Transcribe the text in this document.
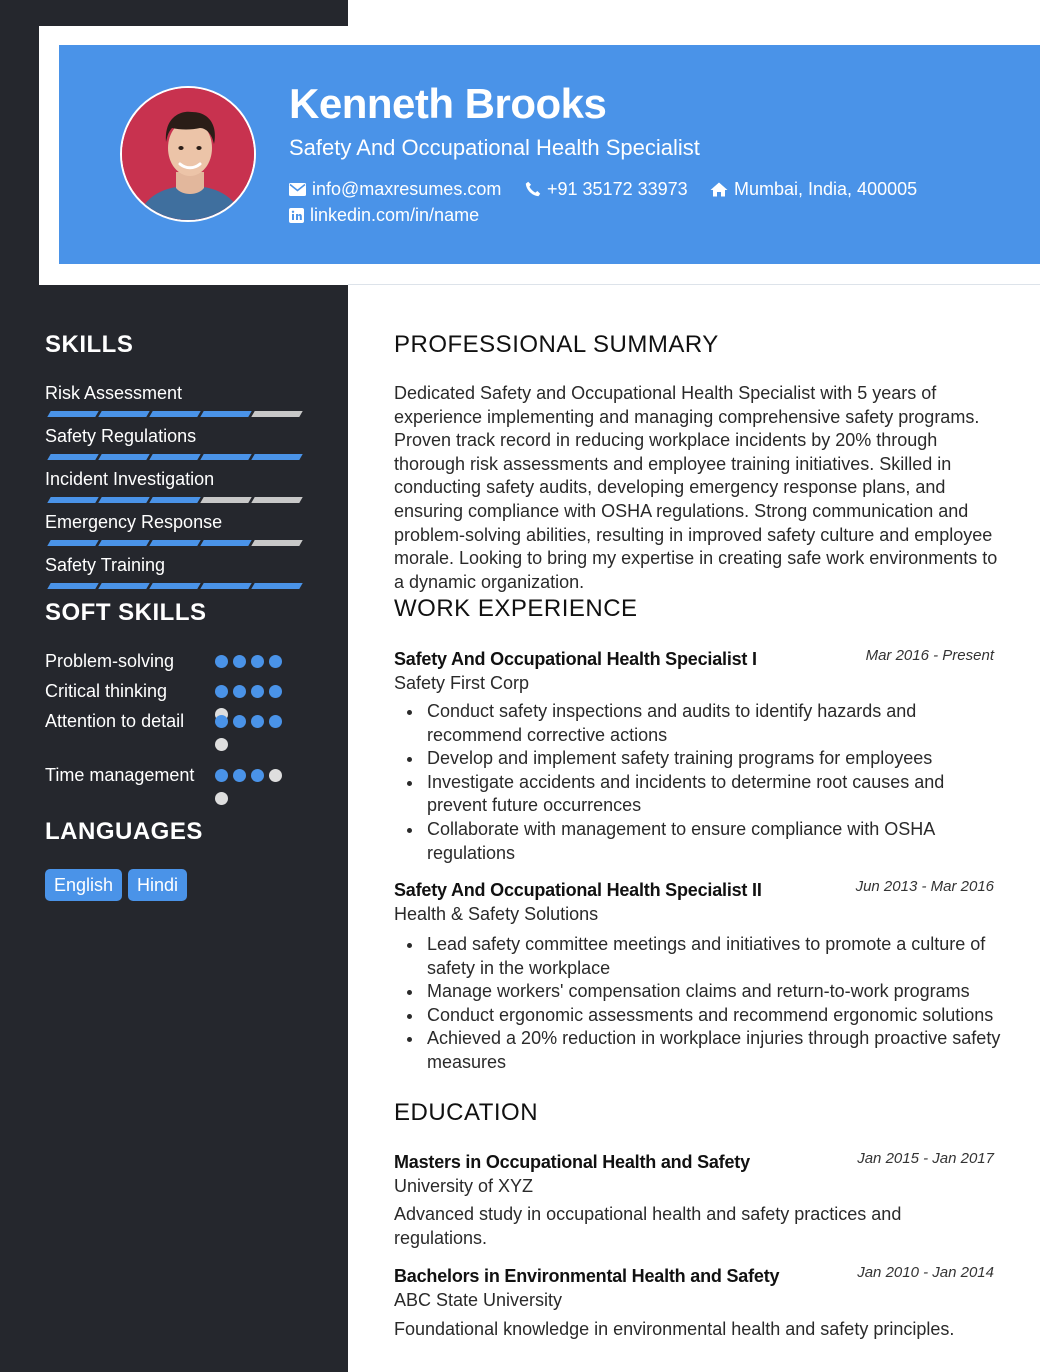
Kenneth Brooks
Safety And Occupational Health Specialist
info@maxresumes.com	+91 35172 33973	Mumbai, India, 400005
linkedin.com/in/name
SKILLS
Risk Assessment
Safety Regulations
Incident Investigation
Emergency Response
Safety Training
SOFT SKILLS
Problem-solving
Critical thinking
Attention to detail
Time management
LANGUAGES
English	Hindi
PROFESSIONAL SUMMARY
Dedicated Safety and Occupational Health Specialist with 5 years of experience implementing and managing comprehensive safety programs. Proven track record in reducing workplace incidents by 20% through thorough risk assessments and employee training initiatives. Skilled in conducting safety audits, developing emergency response plans, and ensuring compliance with OSHA regulations. Strong communication and problem-solving abilities, resulting in improved safety culture and employee morale. Looking to bring my expertise in creating safe work environments to a dynamic organization.
WORK EXPERIENCE
Safety And Occupational Health Specialist I	Mar 2016 - Present
Safety First Corp
Conduct safety inspections and audits to identify hazards and recommend corrective actions
Develop and implement safety training programs for employees
Investigate accidents and incidents to determine root causes and prevent future occurrences
Collaborate with management to ensure compliance with OSHA regulations
Safety And Occupational Health Specialist II	Jun 2013 - Mar 2016
Health & Safety Solutions
Lead safety committee meetings and initiatives to promote a culture of safety in the workplace
Manage workers' compensation claims and return-to-work programs
Conduct ergonomic assessments and recommend ergonomic solutions
Achieved a 20% reduction in workplace injuries through proactive safety measures
EDUCATION
Masters in Occupational Health and Safety	Jan 2015 - Jan 2017
University of XYZ
Advanced study in occupational health and safety practices and regulations.
Bachelors in Environmental Health and Safety	Jan 2010 - Jan 2014
ABC State University
Foundational knowledge in environmental health and safety principles.
